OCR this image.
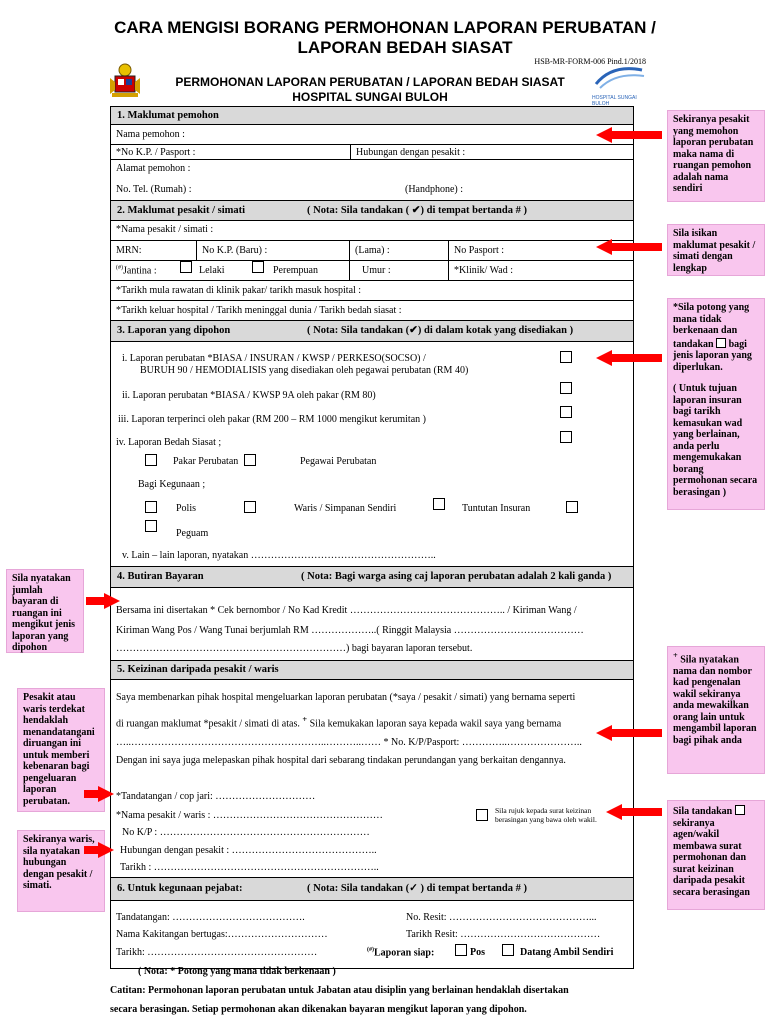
CARA MENGISI BORANG PERMOHONAN LAPORAN PERUBATAN /
LAPORAN BEDAH SIASAT
HSB-MR-FORM-006 Pind.1/2018
HOSPITAL SUNGAI BULOH
PERMOHONAN LAPORAN PERUBATAN / LAPORAN BEDAH SIASAT
HOSPITAL SUNGAI BULOH
1. Maklumat pemohon
Nama pemohon :
*No K.P. / Pasport :	Hubungan dengan pesakit :
Alamat pemohon :
No. Tel. (Rumah) :	(Handphone) :
2. Maklumat pesakit / simati	( Nota: Sila tandakan ( ✔) di tempat bertanda # )
*Nama pesakit / simati :
MRN:	No K.P. (Baru) :	(Lama) :	No Pasport :
(#)Jantina :	Lelaki	Perempuan	Umur :	*Klinik/ Wad :
*Tarikh mula rawatan di klinik pakar/ tarikh masuk hospital :
*Tarikh keluar hospital / Tarikh meninggal dunia / Tarikh bedah siasat :
3. Laporan yang dipohon	( Nota: Sila tandakan (✔) di dalam kotak yang disediakan )
i. Laporan perubatan *BIASA / INSURAN / KWSP / PERKESO(SOCSO) /
BURUH 90 / HEMODIALISIS yang disediakan oleh pegawai perubatan (RM 40)
ii. Laporan perubatan *BIASA / KWSP 9A oleh pakar (RM 80)
iii. Laporan terperinci oleh pakar (RM 200 – RM 1000 mengikut kerumitan )
iv. Laporan Bedah Siasat ;
Pakar Perubatan	Pegawai Perubatan
Bagi Kegunaan ;
Polis	Waris / Simpanan Sendiri	Tuntutan Insuran
Peguam
v. Lain – lain laporan, nyatakan ………………………………………………..
4. Butiran Bayaran	( Nota: Bagi warga asing caj laporan perubatan adalah 2 kali ganda )
Bersama ini disertakan * Cek bernombor / No Kad Kredit ……………………………………….. / Kiriman Wang /
Kiriman Wang Pos / Wang Tunai berjumlah RM ………………..( Ringgit Malaysia …………………………………
……………………………………………………………) bagi bayaran laporan tersebut.
5. Keizinan daripada pesakit / waris
Saya membenarkan pihak hospital mengeluarkan laporan perubatan (*saya / pesakit / simati) yang bernama seperti
di ruangan maklumat *pesakit / simati di atas. + Sila kemukakan laporan saya kepada wakil saya yang bernama
…..…………………………………………………..………..…… * No. K/P/Pasport: …………..…………………..
Dengan ini saya juga melepaskan pihak hospital dari sebarang tindakan perundangan yang berkaitan dengannya.
*Tandatangan / cop jari: …………………………
*Nama pesakit / waris : ……………………………………………
No K/P : ………………………………………………………
Hubungan dengan pesakit : ……………………………………..
Tarikh : …………………………………………………………..
Sila rujuk kepada surat keizinan
berasingan yang bawa oleh wakil.
6. Untuk kegunaan pejabat:	( Nota: Sila tandakan (✓ ) di tempat bertanda # )
Tandatangan: ………………………………….	No. Resit: ……………………………………...
Nama Kakitangan bertugas:…………………………	Tarikh Resit: ……………………………………
Tarikh: ……………………………………………	(#)Laporan siap:	Pos	Datang Ambil Sendiri
( Nota: * Potong yang mana tidak berkenaan )
Catitan: Permohonan laporan perubatan untuk Jabatan atau disiplin yang berlainan hendaklah disertakan
secara berasingan. Setiap permohonan akan dikenakan bayaran mengikut laporan yang dipohon.
Sekiranya pesakit yang memohon laporan perubatan maka nama di ruangan pemohon adalah nama sendiri
Sila isikan maklumat pesakit / simati dengan lengkap
*Sila potong yang mana tidak berkenaan dan tandakan bagi jenis laporan yang diperlukan.
( Untuk tujuan laporan insuran bagi tarikh kemasukan wad yang berlainan, anda perlu mengemukakan borang permohonan secara berasingan )
+ Sila nyatakan nama dan nombor kad pengenalan wakil sekiranya anda mewakilkan orang lain untuk mengambil laporan bagi pihak anda
Sila tandakan  sekiranya agen/wakil membawa surat permohonan dan surat keizinan daripada pesakit secara berasingan
Sila nyatakan jumlah bayaran di ruangan ini mengikut jenis laporan yang dipohon
Pesakit atau waris terdekat hendaklah menandatangani diruangan ini untuk memberi kebenaran bagi pengeluaran laporan perubatan.
Sekiranya waris, sila nyatakan hubungan dengan pesakit / simati.
